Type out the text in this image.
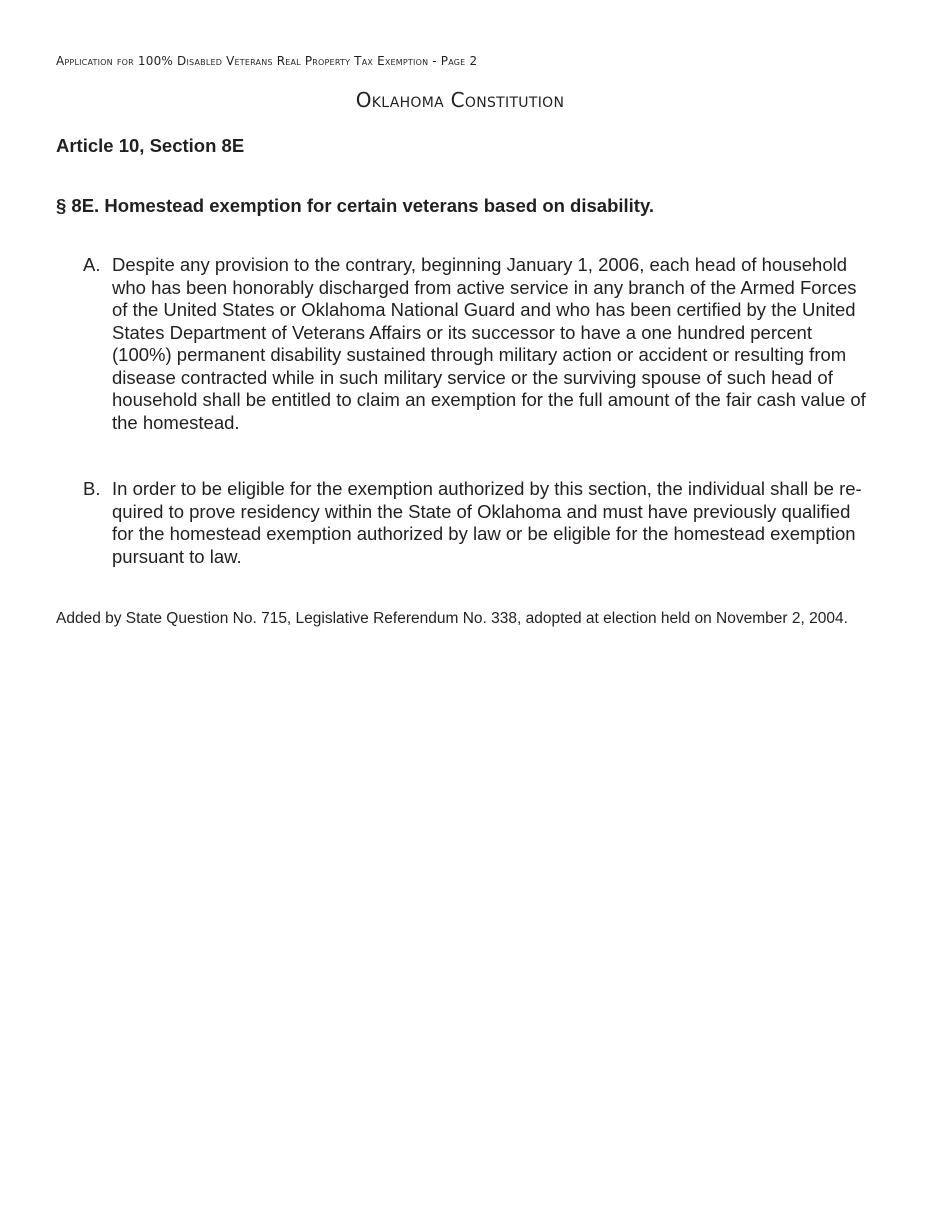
Application for 100% Disabled Veterans Real Property Tax Exemption - Page 2
Oklahoma Constitution
Article 10, Section 8E
§ 8E. Homestead exemption for certain veterans based on disability.
A. Despite any provision to the contrary, beginning January 1, 2006, each head of household who has been honorably discharged from active service in any branch of the Armed Forces of the United States or Oklahoma National Guard and who has been certified by the United States Department of Veterans Affairs or its successor to have a one hundred percent (100%) permanent disability sustained through military action or accident or resulting from disease contracted while in such military service or the surviving spouse of such head of household shall be entitled to claim an exemption for the full amount of the fair cash value of the homestead.
B. In order to be eligible for the exemption authorized by this section, the individual shall be required to prove residency within the State of Oklahoma and must have previously qualified for the homestead exemption authorized by law or be eligible for the homestead exemption pursuant to law.
Added by State Question No. 715, Legislative Referendum No. 338, adopted at election held on November 2, 2004.
